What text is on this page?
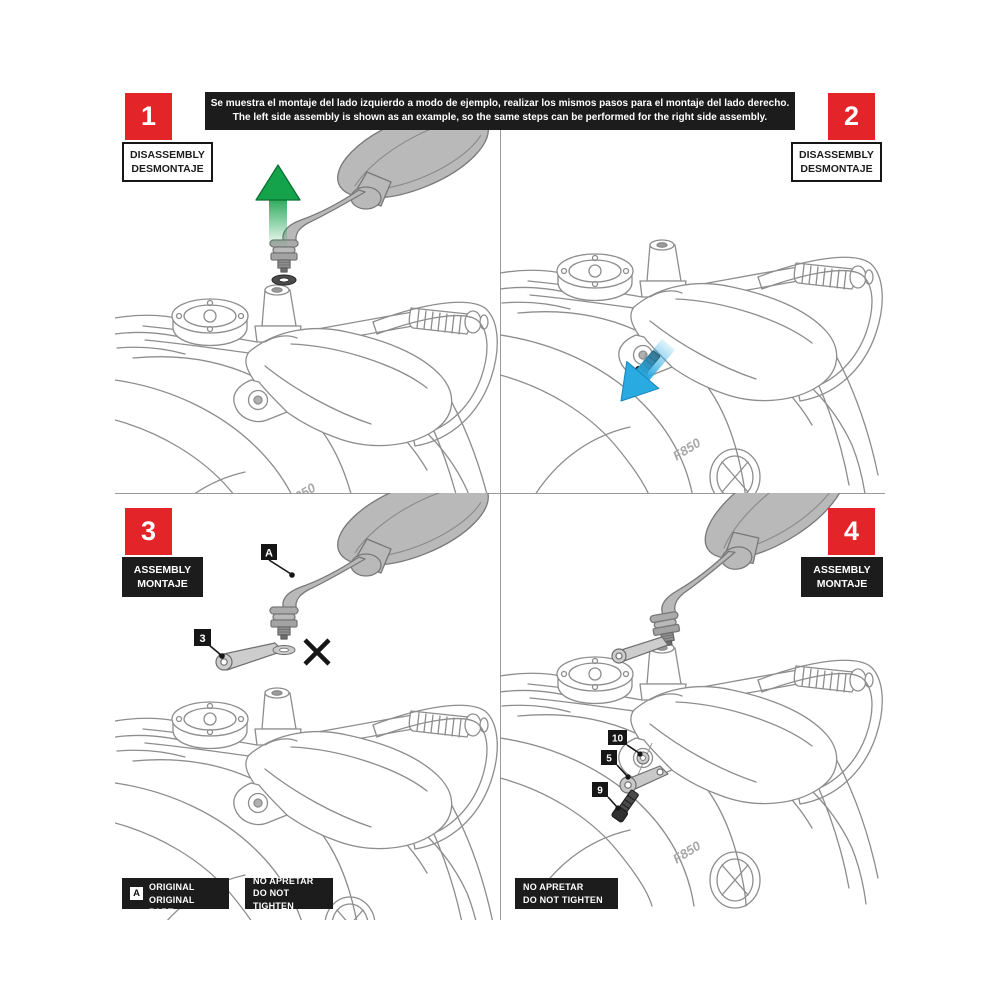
Se muestra el montaje del lado izquierdo a modo de ejemplo, realizar los mismos pasos para el montaje del lado derecho.
The left side assembly is shown as an example, so the same steps can be performed for the right side assembly.
1	2
3	4
DISASSEMBLY
DESMONTAJE
DISASSEMBLY
DESMONTAJE
ASSEMBLY
MONTAJE
ASSEMBLY
MONTAJE
A
3
10
5
9
A
PIEZA ORIGINAL
ORIGINAL PART
NO APRETAR
DO NOT TIGHTEN
NO APRETAR
DO NOT TIGHTEN
